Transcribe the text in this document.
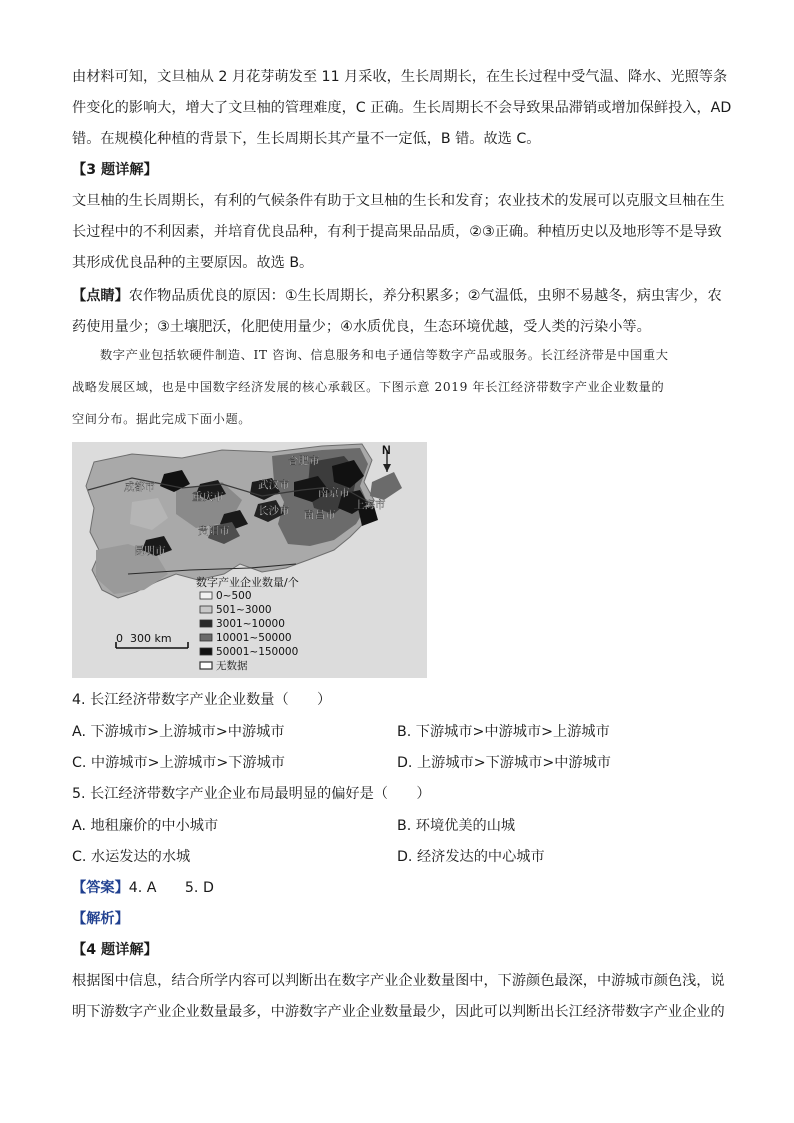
由材料可知，文旦柚从 2 月花芽萌发至 11 月采收，生长周期长，在生长过程中受气温、降水、光照等条
件变化的影响大，增大了文旦柚的管理难度，C 正确。生长周期长不会导致果品滞销或增加保鲜投入，AD
错。在规模化种植的背景下，生长周期长其产量不一定低，B 错。故选 C。
【3 题详解】
文旦柚的生长周期长，有利的气候条件有助于文旦柚的生长和发育；农业技术的发展可以克服文旦柚在生
长过程中的不利因素，并培育优良品种，有利于提高果品品质，②③正确。种植历史以及地形等不是导致
其形成优良品种的主要原因。故选 B。
【点睛】农作物品质优良的原因：①生长周期长，养分积累多；②气温低，虫卵不易越冬，病虫害少，农
药使用量少；③土壤肥沃，化肥使用量少；④水质优良，生态环境优越，受人类的污染小等。
数字产业包括软硬件制造、IT 咨询、信息服务和电子通信等数字产品或服务。长江经济带是中国重大
战略发展区域，也是中国数字经济发展的核心承载区。下图示意 2019 年长江经济带数字产业企业数量的
空间分布。据此完成下面小题。
N
成都市
重庆市
武汉市
合肥市
南京市
上海市
长沙市 南昌市
贵阳市
昆明市
数字产业企业数量/个
0~500
501~3000
3001~10000
10001~50000
50001~150000
无数据
0  300 km
4. 长江经济带数字产业企业数量（　　）
A. 下游城市>上游城市>中游城市	B. 下游城市>中游城市>上游城市
C. 中游城市>上游城市>下游城市	D. 上游城市>下游城市>中游城市
5. 长江经济带数字产业企业布局最明显的偏好是（　　）
A. 地租廉价的中小城市	B. 环境优美的山城
C. 水运发达的水城	D. 经济发达的中心城市
【答案】4. A　　5. D
【解析】
【4 题详解】
根据图中信息，结合所学内容可以判断出在数字产业企业数量图中，下游颜色最深，中游城市颜色浅，说
明下游数字产业企业数量最多，中游数字产业企业数量最少，因此可以判断出长江经济带数字产业企业的
